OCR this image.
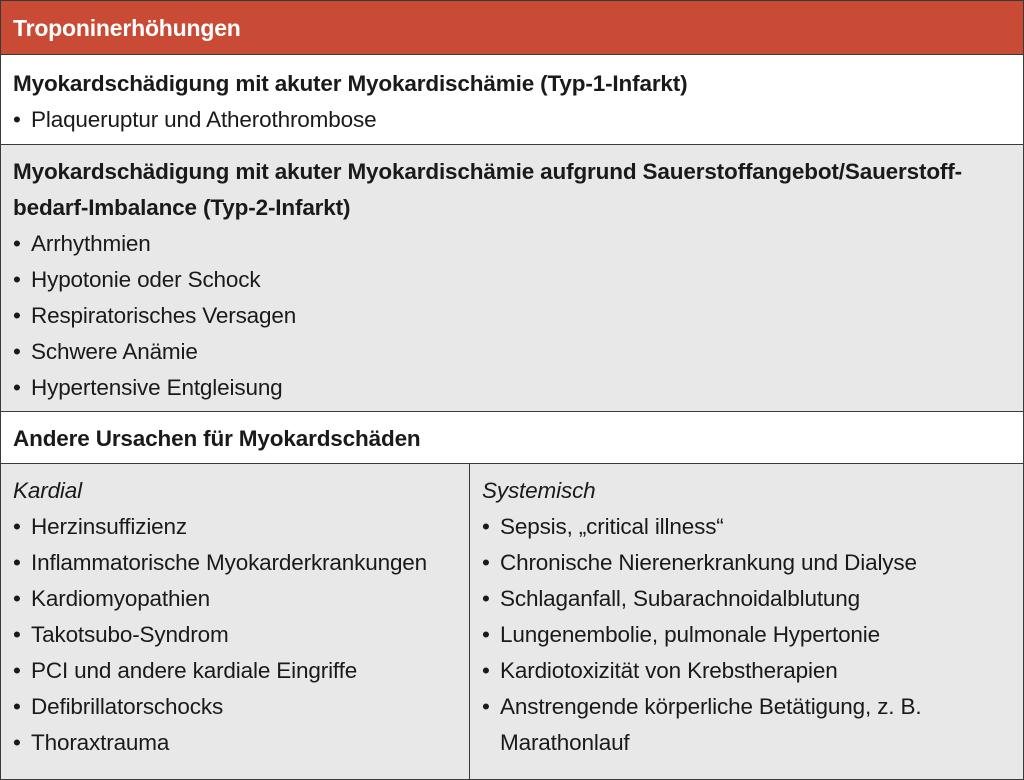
Troponinerhöhungen
Myokardschädigung mit akuter Myokardischämie (Typ-1-Infarkt)
• Plaqueruptur und Atherothrombose
Myokardschädigung mit akuter Myokardischämie aufgrund Sauerstoffangebot/Sauerstoff-
bedarf-Imbalance (Typ-2-Infarkt)
• Arrhythmien
• Hypotonie oder Schock
• Respiratorisches Versagen
• Schwere Anämie
• Hypertensive Entgleisung
Andere Ursachen für Myokardschäden
Kardial
• Herzinsuffizienz
• Inflammatorische Myokarderkrankungen
• Kardiomyopathien
• Takotsubo-Syndrom
• PCI und andere kardiale Eingriffe
• Defibrillatorschocks
• Thoraxtrauma
Systemisch
• Sepsis, „critical illness“
• Chronische Nierenerkrankung und Dialyse
• Schlaganfall, Subarachnoidalblutung
• Lungenembolie, pulmonale Hypertonie
• Kardiotoxizität von Krebstherapien
• Anstrengende körperliche Betätigung, z. B.
Marathonlauf
